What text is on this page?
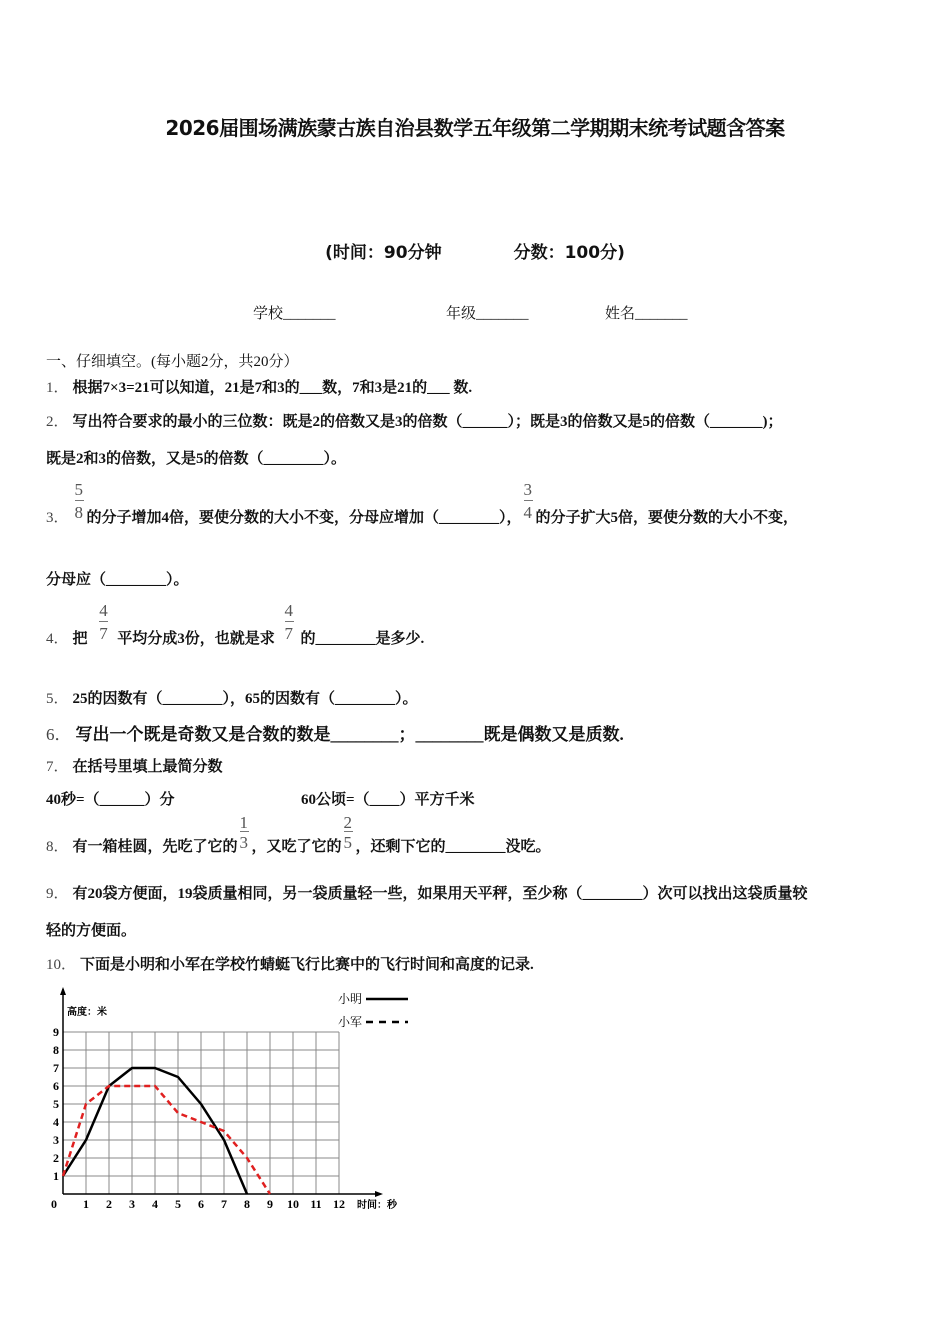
2026届围场满族蒙古族自治县数学五年级第二学期期末统考试题含答案
(时间：90分钟	分数：100分)
学校_______	年级_______	姓名_______
一、仔细填空。(每小题2分，共20分）
1． 根据7×3=21可以知道，21是7和3的___数，7和3是21的___ 数.
2． 写出符合要求的最小的三位数：既是2的倍数又是3的倍数（______）；既是3的倍数又是5的倍数（_______)；
既是2和3的倍数，又是5的倍数（________）。
3． $\frac{5}{8}$ 的分子增加4倍，要使分数的大小不变，分母应增加（________）， $\frac{3}{4}$ 的分子扩大5倍，要使分数的大小不变，
分母应（________）。
4． 把 $\frac{4}{7}$ 平均分成3份，也就是求 $\frac{4}{7}$ 的________是多少.
5． 25的因数有（________），65的因数有（________）。
6． 写出一个既是奇数又是合数的数是________；________既是偶数又是质数.
7． 在括号里填上最简分数
40秒=（______）分	60公顷=（____）平方千米
8． 有一箱桂圆，先吃了它的 $\frac{1}{3}$ ，又吃了它的 $\frac{2}{5}$ ，还剩下它的________没吃。
9． 有20袋方便面，19袋质量相同，另一袋质量轻一些，如果用天平秤，至少称（________）次可以找出这袋质量较
轻的方便面。
10． 下面是小明和小军在学校竹蜻蜓飞行比赛中的飞行时间和高度的记录.
0 1 2 3 4 5 6 7 8 9 10 11 12
1
2
3
4
5
6
7
8
9
高度：米
时间：秒
小明
小军
